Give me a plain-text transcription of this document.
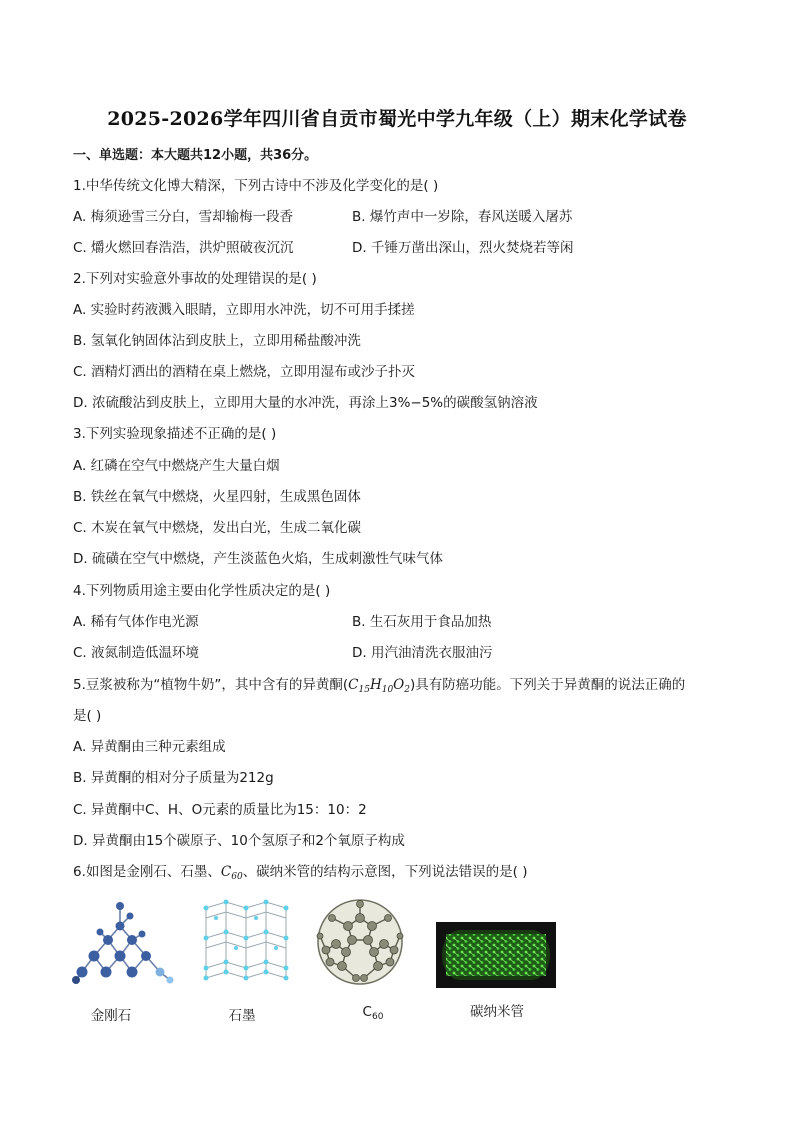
2025-2026学年四川省自贡市蜀光中学九年级（上）期末化学试卷
一、单选题：本大题共12小题，共36分。
1.中华传统文化博大精深，下列古诗中不涉及化学变化的是( )
A. 梅须逊雪三分白，雪却输梅一段香	B. 爆竹声中一岁除，春风送暖入屠苏
C. 爝火燃回春浩浩，洪炉照破夜沉沉	D. 千锤万凿出深山，烈火焚烧若等闲
2.下列对实验意外事故的处理错误的是( )
A. 实验时药液溅入眼睛，立即用水冲洗，切不可用手揉搓
B. 氢氧化钠固体沾到皮肤上，立即用稀盐酸冲洗
C. 酒精灯洒出的酒精在桌上燃烧，立即用湿布或沙子扑灭
D. 浓硫酸沾到皮肤上，立即用大量的水冲洗，再涂上3%−5%的碳酸氢钠溶液
3.下列实验现象描述不正确的是( )
A. 红磷在空气中燃烧产生大量白烟
B. 铁丝在氧气中燃烧，火星四射，生成黑色固体
C. 木炭在氧气中燃烧，发出白光，生成二氧化碳
D. 硫磺在空气中燃烧，产生淡蓝色火焰，生成刺激性气味气体
4.下列物质用途主要由化学性质决定的是( )
A. 稀有气体作电光源	B. 生石灰用于食品加热
C. 液氮制造低温环境	D. 用汽油清洗衣服油污
5.豆浆被称为“植物牛奶”，其中含有的异黄酮$(C_{15}H_{10}O_2)$具有防癌功能。下列关于异黄酮的说法正确的
是( )
A. 异黄酮由三种元素组成
B. 异黄酮的相对分子质量为212g
C. 异黄酮中C、H、O元素的质量比为15：10：2
D. 异黄酮由15个碳原子、10个氢原子和2个氧原子构成
6.如图是金刚石、石墨、$C_{60}$、碳纳米管的结构示意图，下列说法错误的是( )
金刚石	石墨	$C_{60}$	碳纳米管
